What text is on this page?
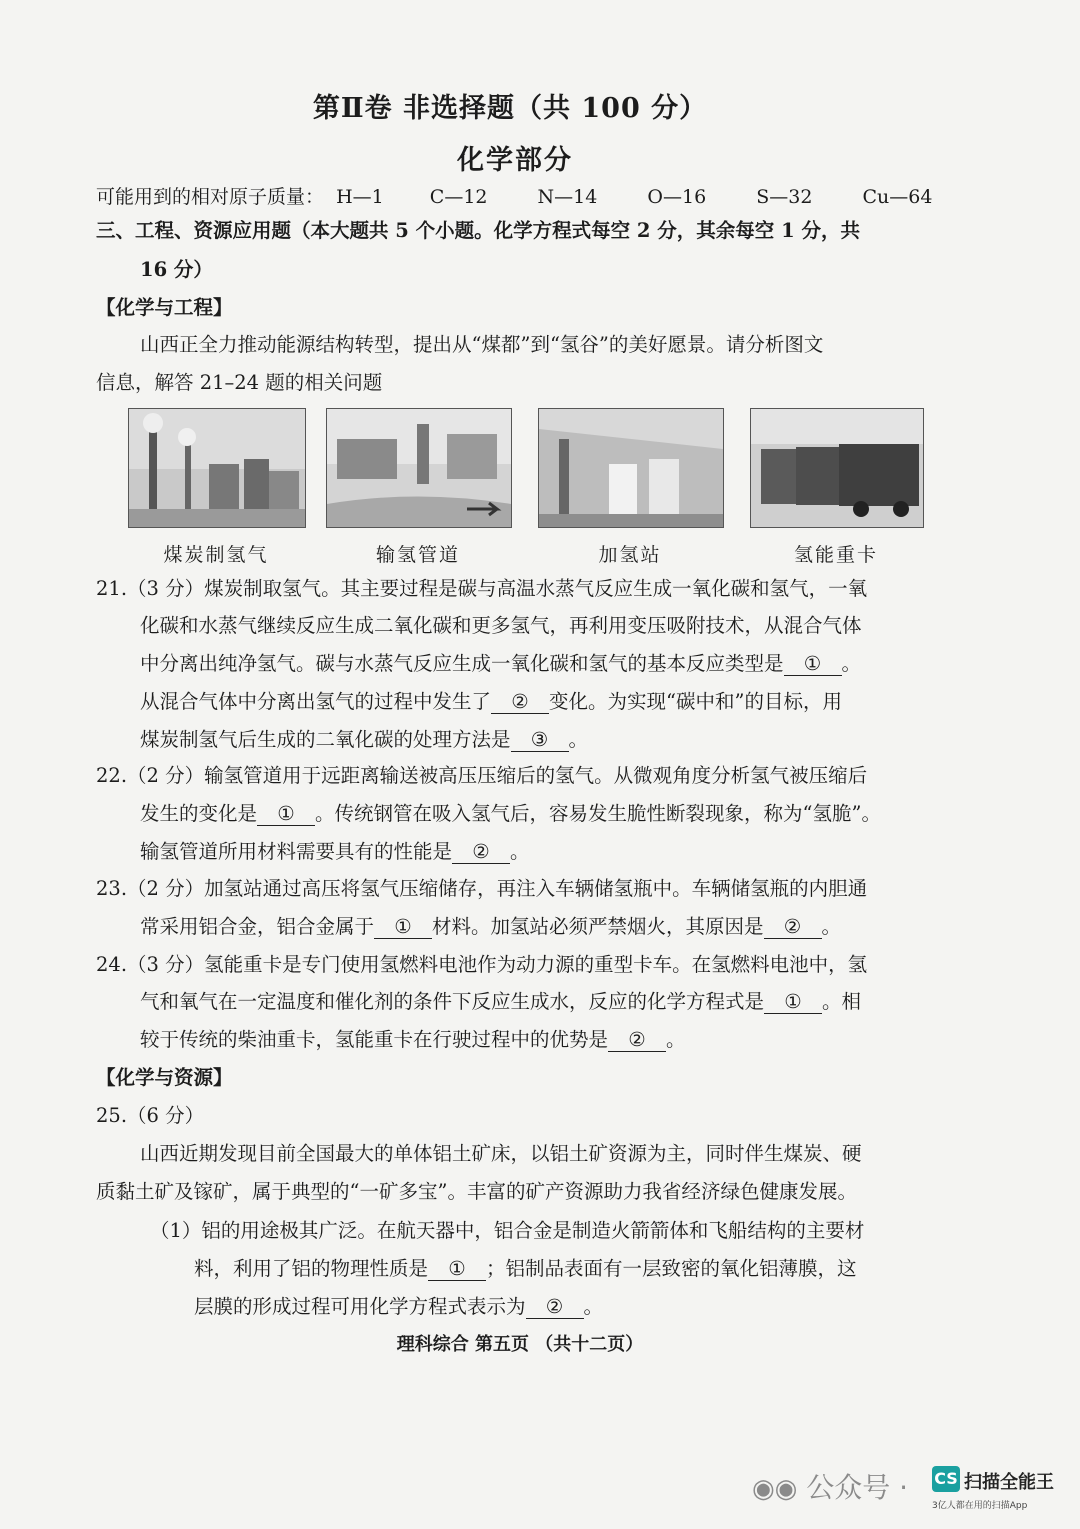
第Ⅱ卷 非选择题（共 100 分）
化学部分
可能用到的相对原子质量： H—1 C—12	N—14	O—16	S—32	Cu—64
三、工程、资源应用题（本大题共 5 个小题。化学方程式每空 2 分，其余每空 1 分，共
16 分）
【化学与工程】
山西正全力推动能源结构转型，提出从“煤都”到“氢谷”的美好愿景。请分析图文
信息，解答 21–24 题的相关问题
煤炭制氢气	输氢管道	加氢站	氢能重卡
21.（3 分）煤炭制取氢气。其主要过程是碳与高温水蒸气反应生成一氧化碳和氢气，一氧
化碳和水蒸气继续反应生成二氧化碳和更多氢气，再利用变压吸附技术，从混合气体
中分离出纯净氢气。碳与水蒸气反应生成一氧化碳和氢气的基本反应类型是 ① 。
从混合气体中分离出氢气的过程中发生了 ② 变化。为实现“碳中和”的目标，用
煤炭制氢气后生成的二氧化碳的处理方法是 ③ 。
22.（2 分）输氢管道用于远距离输送被高压压缩后的氢气。从微观角度分析氢气被压缩后
发生的变化是 ① 。传统钢管在吸入氢气后，容易发生脆性断裂现象，称为“氢脆”。
输氢管道所用材料需要具有的性能是 ② 。
23.（2 分）加氢站通过高压将氢气压缩储存，再注入车辆储氢瓶中。车辆储氢瓶的内胆通
常采用铝合金，铝合金属于 ① 材料。加氢站必须严禁烟火，其原因是 ② 。
24.（3 分）氢能重卡是专门使用氢燃料电池作为动力源的重型卡车。在氢燃料电池中，氢
气和氧气在一定温度和催化剂的条件下反应生成水，反应的化学方程式是 ① 。相
较于传统的柴油重卡，氢能重卡在行驶过程中的优势是 ② 。
【化学与资源】
25.（6 分）
山西近期发现目前全国最大的单体铝土矿床，以铝土矿资源为主，同时伴生煤炭、硬
质黏土矿及镓矿，属于典型的“一矿多宝”。丰富的矿产资源助力我省经济绿色健康发展。
（1）铝的用途极其广泛。在航天器中，铝合金是制造火箭箭体和飞船结构的主要材
料，利用了铝的物理性质是 ① ；铝制品表面有一层致密的氧化铝薄膜，这
层膜的形成过程可用化学方程式表示为 ② 。
理科综合 第五页 （共十二页）
◉◉ 公众号 · CS 扫描全能王
3亿人都在用的扫描App
